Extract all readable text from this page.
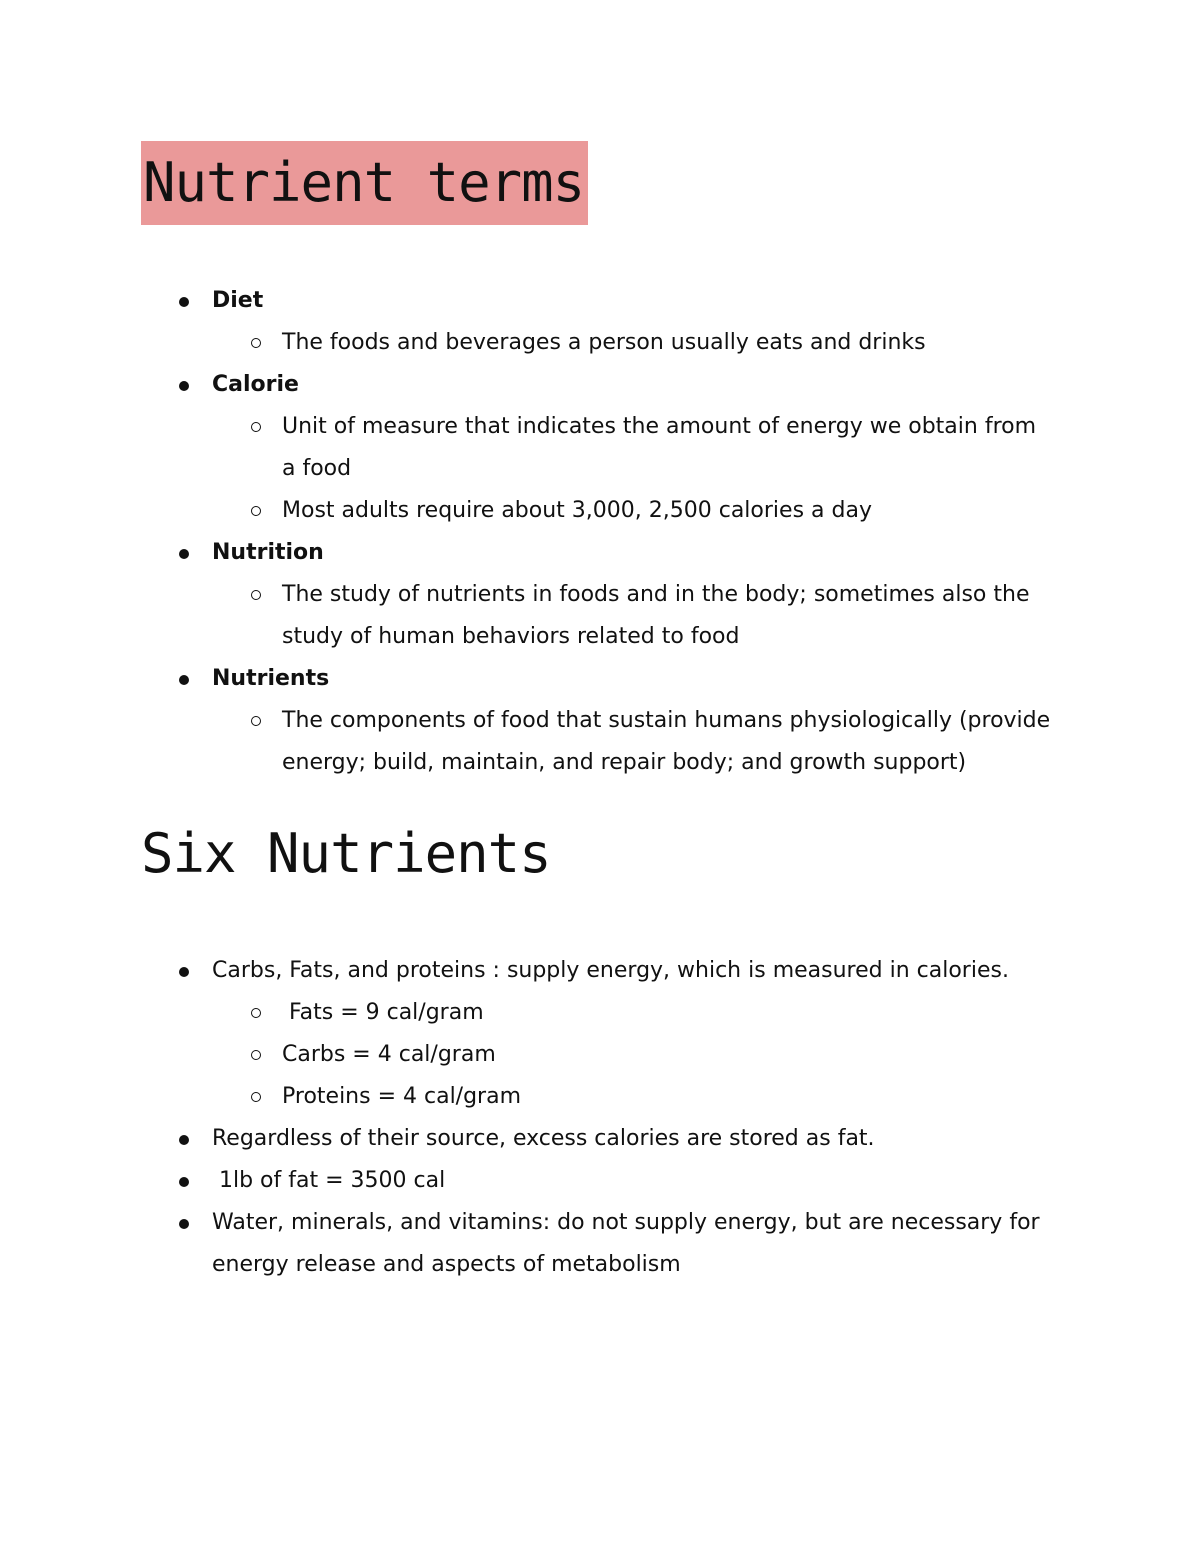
Nutrient terms
Diet
The foods and beverages a person usually eats and drinks
Calorie
Unit of measure that indicates the amount of energy we obtain from a food
Most adults require about 3,000, 2,500 calories a day
Nutrition
The study of nutrients in foods and in the body; sometimes also the study of human behaviors related to food
Nutrients
The components of food that sustain humans physiologically (provide energy; build, maintain, and repair body; and growth support)
Six Nutrients
Carbs, Fats, and proteins : supply energy, which is measured in calories.
Fats = 9 cal/gram
Carbs = 4 cal/gram
Proteins = 4 cal/gram
Regardless of their source, excess calories are stored as fat.
1lb of fat = 3500 cal
Water, minerals, and vitamins: do not supply energy, but are necessary for energy release and aspects of metabolism
